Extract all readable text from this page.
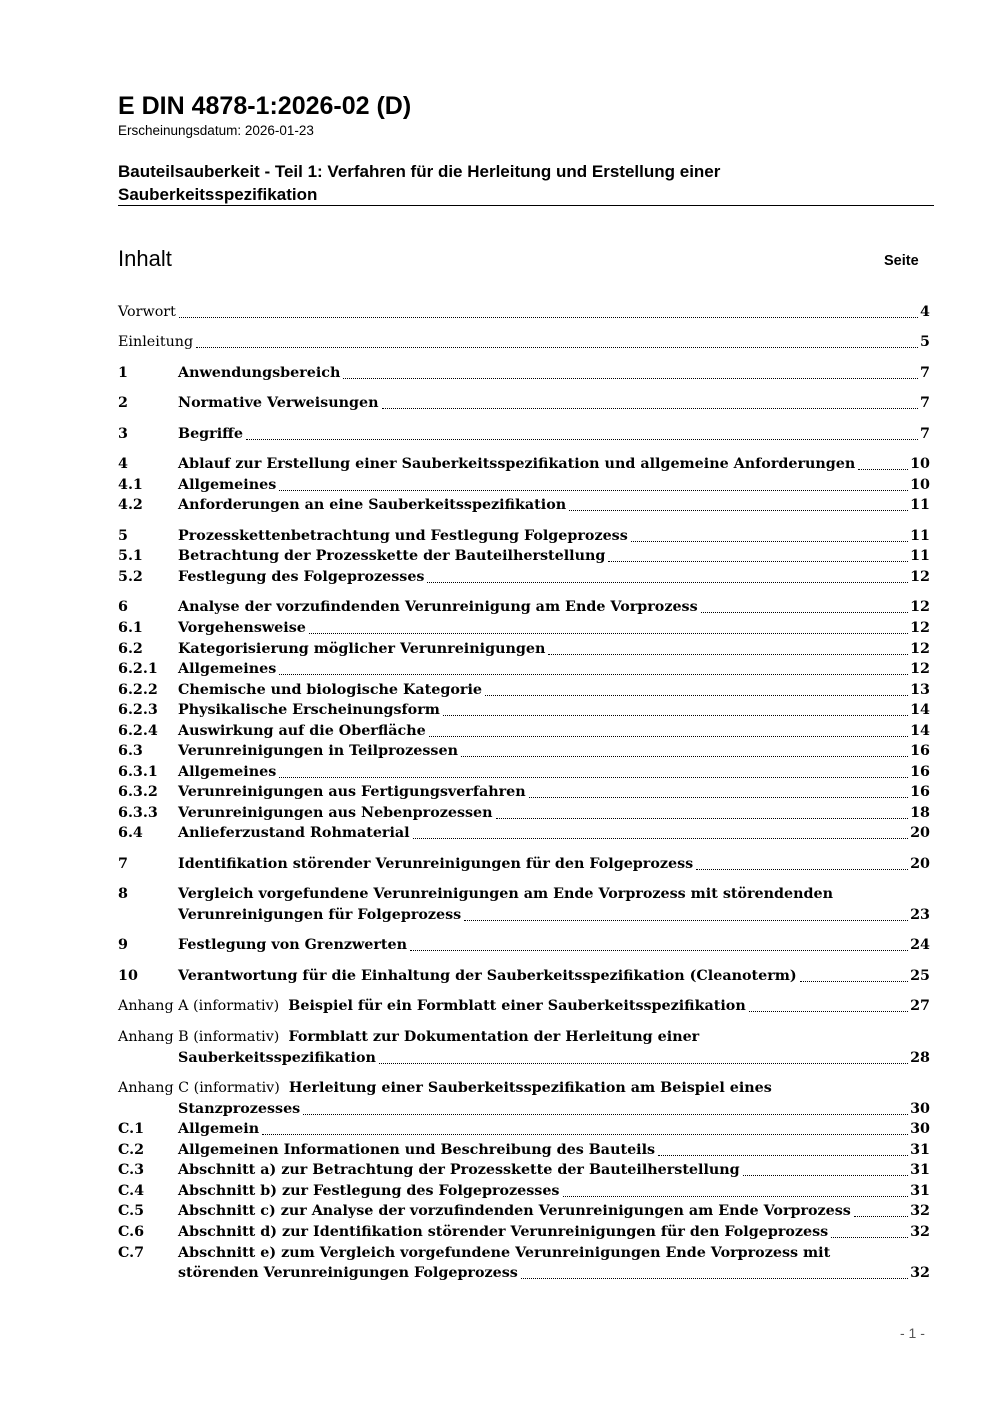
E DIN 4878-1:2026-02 (D)
Erscheinungsdatum: 2026-01-23
Bauteilsauberkeit - Teil 1: Verfahren für die Herleitung und Erstellung einer Sauberkeitsspezifikation
Inhalt	Seite
Vorwort	4
Einleitung	5
1	Anwendungsbereich	7
2	Normative Verweisungen	7
3	Begriffe	7
4	Ablauf zur Erstellung einer Sauberkeitsspezifikation und allgemeine Anforderungen	10
4.1	Allgemeines	10
4.2	Anforderungen an eine Sauberkeitsspezifikation	11
5	Prozesskettenbetrachtung und Festlegung Folgeprozess	11
5.1	Betrachtung der Prozesskette der Bauteilherstellung	11
5.2	Festlegung des Folgeprozesses	12
6	Analyse der vorzufindenden Verunreinigung am Ende Vorprozess	12
6.1	Vorgehensweise	12
6.2	Kategorisierung möglicher Verunreinigungen	12
6.2.1	Allgemeines	12
6.2.2	Chemische und biologische Kategorie	13
6.2.3	Physikalische Erscheinungsform	14
6.2.4	Auswirkung auf die Oberfläche	14
6.3	Verunreinigungen in Teilprozessen	16
6.3.1	Allgemeines	16
6.3.2	Verunreinigungen aus Fertigungsverfahren	16
6.3.3	Verunreinigungen aus Nebenprozessen	18
6.4	Anlieferzustand Rohmaterial	20
7	Identifikation störender Verunreinigungen für den Folgeprozess	20
8	Vergleich vorgefundene Verunreinigungen am Ende Vorprozess mit störendenden
Verunreinigungen für Folgeprozess	23
9	Festlegung von Grenzwerten	24
10	Verantwortung für die Einhaltung der Sauberkeitsspezifikation (Cleanoterm)	25
Anhang A (informativ)
Beispiel für ein Formblatt einer Sauberkeitsspezifikation	27
Anhang B (informativ)
Formblatt zur Dokumentation der Herleitung einer
Sauberkeitsspezifikation	28
Anhang C (informativ)
Herleitung einer Sauberkeitsspezifikation am Beispiel eines
Stanzprozesses	30
C.1	Allgemein	30
C.2	Allgemeinen Informationen und Beschreibung des Bauteils	31
C.3	Abschnitt a) zur Betrachtung der Prozesskette der Bauteilherstellung	31
C.4	Abschnitt b) zur Festlegung des Folgeprozesses	31
C.5	Abschnitt c) zur Analyse der vorzufindenden Verunreinigungen am Ende Vorprozess	32
C.6	Abschnitt d) zur Identifikation störender Verunreinigungen für den Folgeprozess	32
C.7	Abschnitt e) zum Vergleich vorgefundene Verunreinigungen Ende Vorprozess mit
störenden Verunreinigungen Folgeprozess	32
- 1 -
